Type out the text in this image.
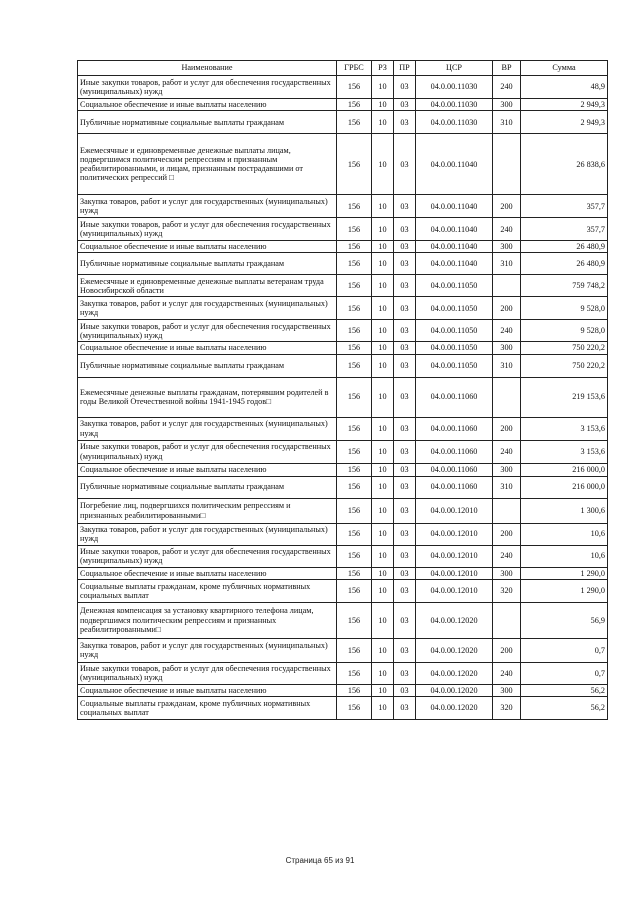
Наименование	ГРБС	РЗ	ПР	ЦСР	ВР	Сумма
Иные закупки товаров, работ и услуг для обеспечения государственных (муниципальных) нужд	156	10	03	04.0.00.11030	240	48,9
Социальное обеспечение и иные выплаты населению	156	10	03	04.0.00.11030	300	2 949,3
Публичные нормативные социальные выплаты гражданам	156	10	03	04.0.00.11030	310	2 949,3
Ежемесячные и единовременные денежные выплаты лицам, подвергшимся политическим репрессиям и признанным реабилитированными, и лицам, признанным пострадавшими от политических репрессий □	156	10	03	04.0.00.11040		26 838,6
Закупка товаров, работ и услуг для государственных (муниципальных) нужд	156	10	03	04.0.00.11040	200	357,7
Иные закупки товаров, работ и услуг для обеспечения государственных (муниципальных) нужд	156	10	03	04.0.00.11040	240	357,7
Социальное обеспечение и иные выплаты населению	156	10	03	04.0.00.11040	300	26 480,9
Публичные нормативные социальные выплаты гражданам	156	10	03	04.0.00.11040	310	26 480,9
Ежемесячные и единовременные денежные выплаты ветеранам труда Новосибирской области	156	10	03	04.0.00.11050		759 748,2
Закупка товаров, работ и услуг для государственных (муниципальных) нужд	156	10	03	04.0.00.11050	200	9 528,0
Иные закупки товаров, работ и услуг для обеспечения государственных (муниципальных) нужд	156	10	03	04.0.00.11050	240	9 528,0
Социальное обеспечение и иные выплаты населению	156	10	03	04.0.00.11050	300	750 220,2
Публичные нормативные социальные выплаты гражданам	156	10	03	04.0.00.11050	310	750 220,2
Ежемесячные денежные выплаты гражданам, потерявшим родителей в годы Великой Отечественной войны 1941-1945 годов□	156	10	03	04.0.00.11060		219 153,6
Закупка товаров, работ и услуг для государственных (муниципальных) нужд	156	10	03	04.0.00.11060	200	3 153,6
Иные закупки товаров, работ и услуг для обеспечения государственных (муниципальных) нужд	156	10	03	04.0.00.11060	240	3 153,6
Социальное обеспечение и иные выплаты населению	156	10	03	04.0.00.11060	300	216 000,0
Публичные нормативные социальные выплаты гражданам	156	10	03	04.0.00.11060	310	216 000,0
Погребение лиц, подвергшихся политическим репрессиям и признанных реабилитированными□	156	10	03	04.0.00.12010		1 300,6
Закупка товаров, работ и услуг для государственных (муниципальных) нужд	156	10	03	04.0.00.12010	200	10,6
Иные закупки товаров, работ и услуг для обеспечения государственных (муниципальных) нужд	156	10	03	04.0.00.12010	240	10,6
Социальное обеспечение и иные выплаты населению	156	10	03	04.0.00.12010	300	1 290,0
Социальные выплаты гражданам, кроме публичных нормативных социальных выплат	156	10	03	04.0.00.12010	320	1 290,0
Денежная компенсация за установку квартирного телефона лицам, подвергшимся политическим репрессиям и признанных реабилитированными□	156	10	03	04.0.00.12020		56,9
Закупка товаров, работ и услуг для государственных (муниципальных) нужд	156	10	03	04.0.00.12020	200	0,7
Иные закупки товаров, работ и услуг для обеспечения государственных (муниципальных) нужд	156	10	03	04.0.00.12020	240	0,7
Социальное обеспечение и иные выплаты населению	156	10	03	04.0.00.12020	300	56,2
Социальные выплаты гражданам, кроме публичных нормативных социальных выплат	156	10	03	04.0.00.12020	320	56,2
Страница 65 из 91
